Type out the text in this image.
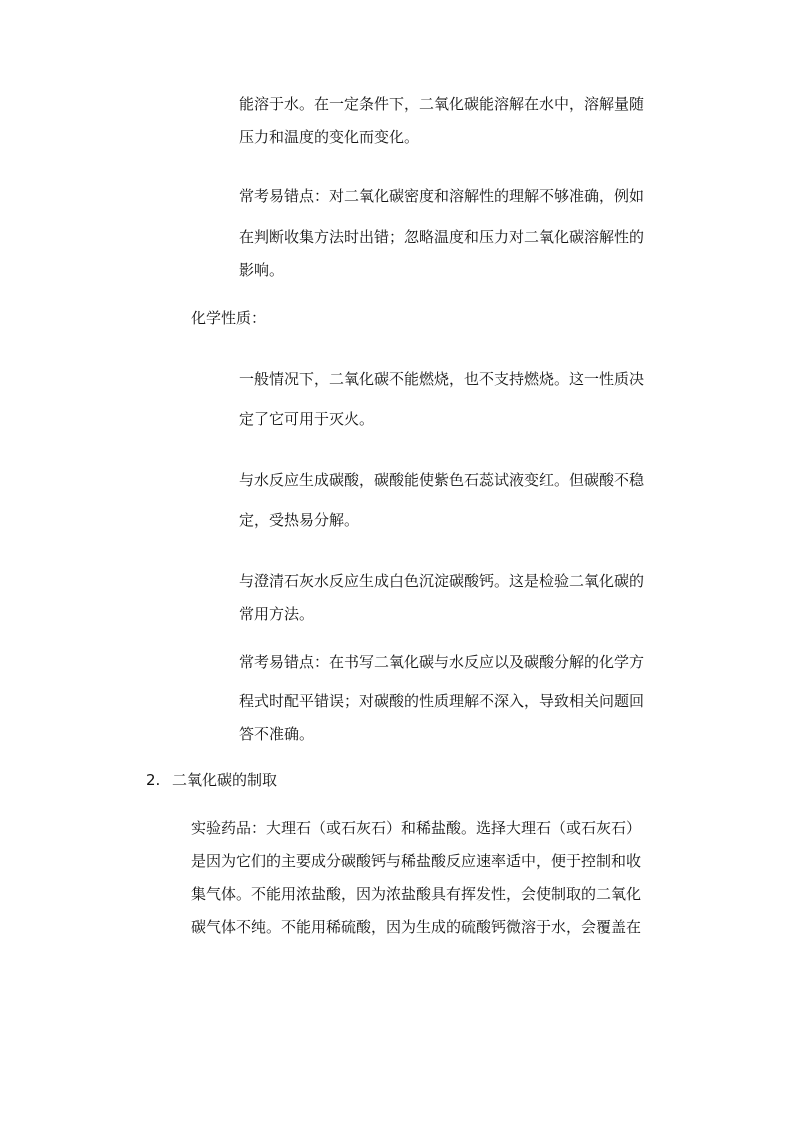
能溶于水。在一定条件下，二氧化碳能溶解在水中，溶解量随
压力和温度的变化而变化。

常考易错点：对二氧化碳密度和溶解性的理解不够准确，例如
在判断收集方法时出错；忽略温度和压力对二氧化碳溶解性的
影响。

化学性质：

一般情况下，二氧化碳不能燃烧，也不支持燃烧。这一性质决
定了它可用于灭火。

与水反应生成碳酸，碳酸能使紫色石蕊试液变红。但碳酸不稳
定，受热易分解。

与澄清石灰水反应生成白色沉淀碳酸钙。这是检验二氧化碳的
常用方法。

常考易错点：在书写二氧化碳与水反应以及碳酸分解的化学方
程式时配平错误；对碳酸的性质理解不深入，导致相关问题回
答不准确。

2. 二氧化碳的制取

实验药品：大理石（或石灰石）和稀盐酸。选择大理石（或石灰石）
是因为它们的主要成分碳酸钙与稀盐酸反应速率适中，便于控制和收
集气体。不能用浓盐酸，因为浓盐酸具有挥发性，会使制取的二氧化
碳气体不纯。不能用稀硫酸，因为生成的硫酸钙微溶于水，会覆盖在
